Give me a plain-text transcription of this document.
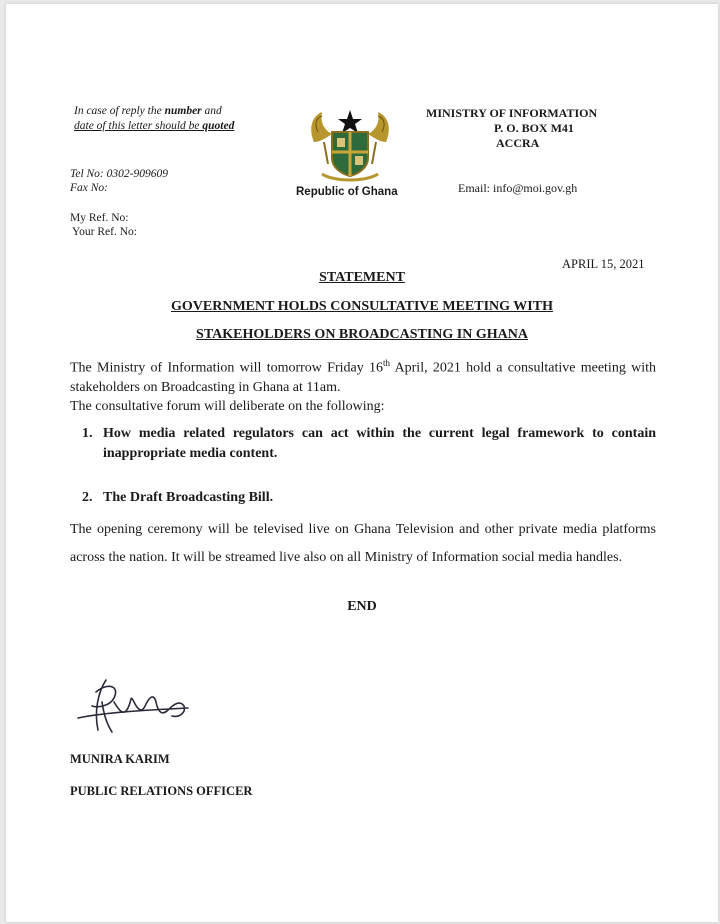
In case of reply the number and
date of this letter should be quoted
Tel No: 0302-909609
Fax No:
My Ref. No:
Your Ref. No:
Republic of Ghana
MINISTRY OF INFORMATION
P. O. BOX M41
ACCRA
Email: info@moi.gov.gh
APRIL 15, 2021
STATEMENT
GOVERNMENT HOLDS CONSULTATIVE MEETING WITH
STAKEHOLDERS ON BROADCASTING IN GHANA
The Ministry of Information will tomorrow Friday 16th April, 2021 hold a consultative meeting with stakeholders on Broadcasting in Ghana at 11am.
The consultative forum will deliberate on the following:
1. How media related regulators can act within the current legal framework to contain inappropriate media content.
2. The Draft Broadcasting Bill.
The opening ceremony will be televised live on Ghana Television and other private media platforms across the nation. It will be streamed live also on all Ministry of Information social media handles.
END
MUNIRA KARIM
PUBLIC RELATIONS OFFICER
